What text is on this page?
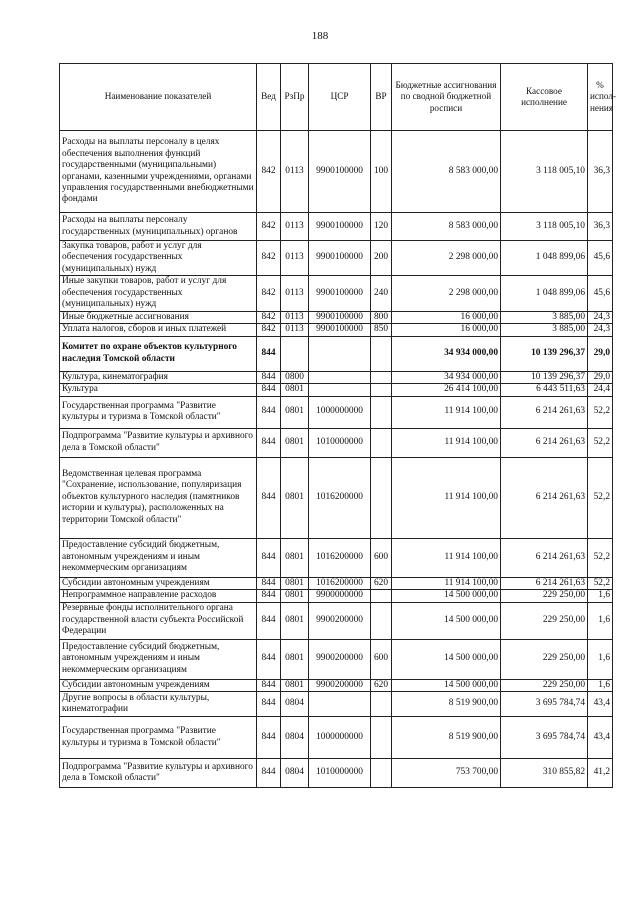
188
Наименование показателей	Вед	РзПр	ЦСР	ВР	Бюджетные ассигнования по сводной бюджетной росписи	Кассовое исполнение	% испол-нения
Расходы на выплаты персоналу в целях обеспечения выполнения функций государственными (муниципальными) органами, казенными учреждениями, органами управления государственными внебюджетными фондами	842	0113	9900100000	100	8 583 000,00	3 118 005,10	36,3
Расходы на выплаты персоналу государственных (муниципальных) органов	842	0113	9900100000	120	8 583 000,00	3 118 005,10	36,3
Закупка товаров, работ и услуг для обеспечения государственных (муниципальных) нужд	842	0113	9900100000	200	2 298 000,00	1 048 899,06	45,6
Иные закупки товаров, работ и услуг для обеспечения государственных (муниципальных) нужд	842	0113	9900100000	240	2 298 000,00	1 048 899,06	45,6
Иные бюджетные ассигнования	842	0113	9900100000	800	16 000,00	3 885,00	24,3
Уплата налогов, сборов и иных платежей	842	0113	9900100000	850	16 000,00	3 885,00	24,3
Комитет по охране объектов культурного наследия Томской области	844				34 934 000,00	10 139 296,37	29,0
Культура, кинематография	844	0800			34 934 000,00	10 139 296,37	29,0
Культура	844	0801			26 414 100,00	6 443 511,63	24,4
Государственная программа "Развитие культуры и туризма в Томской области"	844	0801	1000000000		11 914 100,00	6 214 261,63	52,2
Подпрограмма "Развитие культуры и архивного дела в Томской области"	844	0801	1010000000		11 914 100,00	6 214 261,63	52,2
Ведомственная целевая программа "Сохранение, использование, популяризация объектов культурного наследия (памятников истории и культуры), расположенных на территории Томской области"	844	0801	1016200000		11 914 100,00	6 214 261,63	52,2
Предоставление субсидий бюджетным, автономным учреждениям и иным некоммерческим организациям	844	0801	1016200000	600	11 914 100,00	6 214 261,63	52,2
Субсидии автономным учреждениям	844	0801	1016200000	620	11 914 100,00	6 214 261,63	52,2
Непрограммное направление расходов	844	0801	9900000000		14 500 000,00	229 250,00	1,6
Резервные фонды исполнительного органа государственной власти субъекта Российской Федерации	844	0801	9900200000		14 500 000,00	229 250,00	1,6
Предоставление субсидий бюджетным, автономным учреждениям и иным некоммерческим организациям	844	0801	9900200000	600	14 500 000,00	229 250,00	1,6
Субсидии автономным учреждениям	844	0801	9900200000	620	14 500 000,00	229 250,00	1,6
Другие вопросы в области культуры, кинематографии	844	0804			8 519 900,00	3 695 784,74	43,4
Государственная программа "Развитие культуры и туризма в Томской области"	844	0804	1000000000		8 519 900,00	3 695 784,74	43,4
Подпрограмма "Развитие культуры и архивного дела в Томской области"	844	0804	1010000000		753 700,00	310 855,82	41,2
